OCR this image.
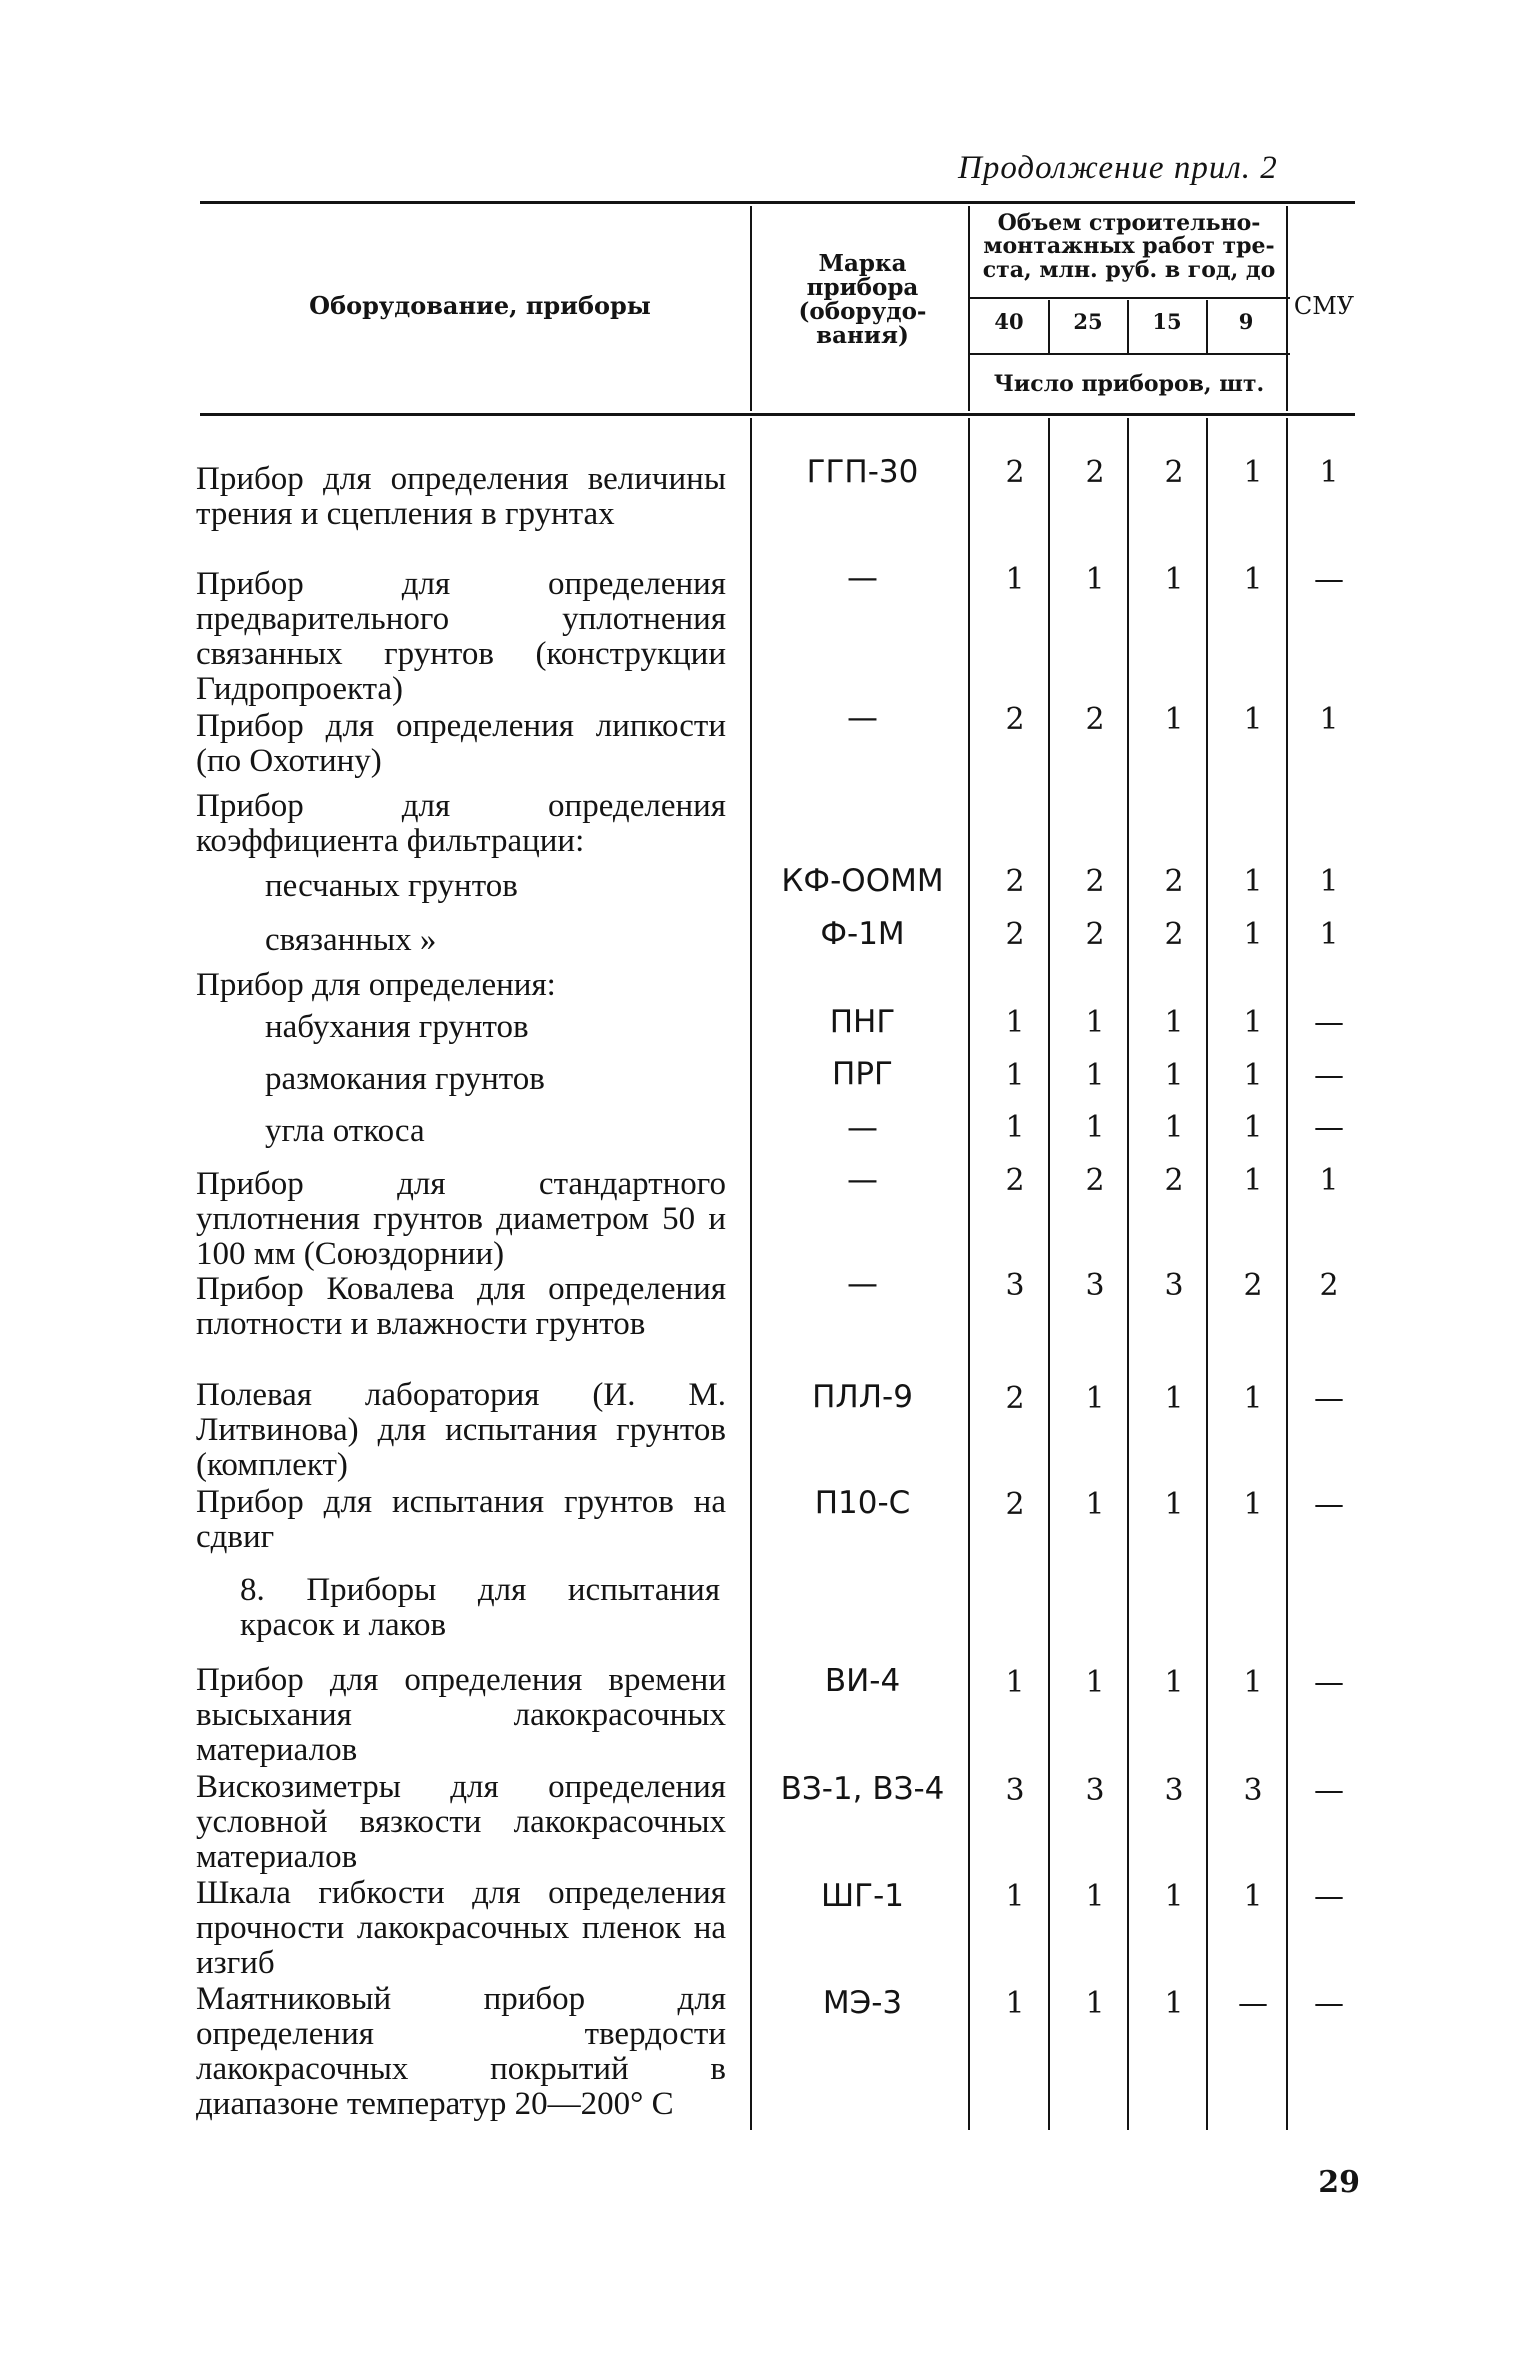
Продолжение прил. 2
Оборудование, приборы
Марка
прибора
(оборудо-
вания)
Объем строительно-
монтажных работ тре-
ста, млн. руб. в год, до
40	25	15	9
Число приборов, шт.
СМУ
Прибор для определения величины трения и сцепления в грунтах
ГГП-30	2	2	2	1	1
Прибор для определения предварительного уплотнения связанных грунтов (конструкции Гидропроекта)
—	1	1	1	1	—
Прибор для определения липкости (по Охотину)
—	2	2	1	1	1
Прибор для определения коэффициента фильтрации:
песчаных грунтов	КФ-ООММ	2	2	2	1	1
связанных »	Ф-1М	2	2	2	1	1
Прибор для определения:
набухания грунтов	ПНГ	1	1	1	1	—
размокания грунтов	ПРГ	1	1	1	1	—
угла откоса	—	1	1	1	1	—
Прибор для стандартного уплотнения грунтов диаметром 50 и 100 мм (Союздорнии)
—	2	2	2	1	1
Прибор Ковалева для определения плотности и влажности грунтов
—	3	3	3	2	2
Полевая лаборатория (И. М. Литвинова) для испытания грунтов (комплект)
ПЛЛ-9	2	1	1	1	—
Прибор для испытания грунтов на сдвиг
П10-С	2	1	1	1	—
8. Приборы для испытания красок и лаков
Прибор для определения времени высыхания лакокрасочных материалов
ВИ-4	1	1	1	1	—
Вискозиметры для определения условной вязкости лакокрасочных материалов
ВЗ-1, ВЗ-4	3	3	3	3	—
Шкала гибкости для определения прочности лакокрасочных пленок на изгиб
ШГ-1	1	1	1	1	—
Маятниковый прибор для определения твердости лакокрасочных покрытий в диапазоне температур 20—200° С
МЭ-3	1	1	1	—	—
29
